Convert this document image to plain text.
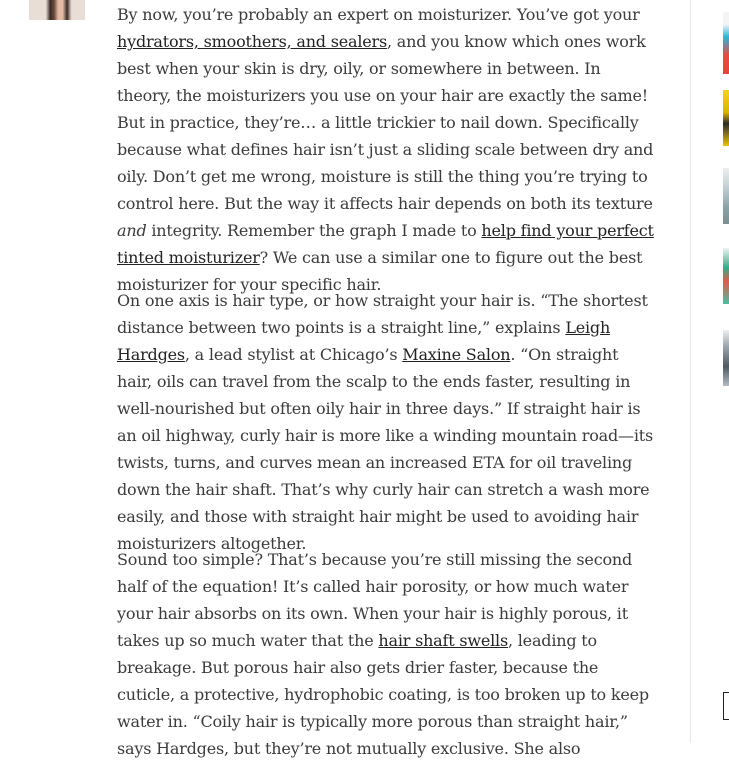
By now, you’re probably an expert on moisturizer. You’ve got your hydrators, smoothers, and sealers, and you know which ones work best when your skin is dry, oily, or somewhere in between. In theory, the moisturizers you use on your hair are exactly the same! But in practice, they’re… a little trickier to nail down. Specifically because what defines hair isn’t just a sliding scale between dry and oily. Don’t get me wrong, moisture is still the thing you’re trying to control here. But the way it affects hair depends on both its texture and integrity. Remember the graph I made to help find your perfect tinted moisturizer? We can use a similar one to figure out the best moisturizer for your specific hair.

On one axis is hair type, or how straight your hair is. “The shortest distance between two points is a straight line,” explains Leigh Hardges, a lead stylist at Chicago’s Maxine Salon. “On straight hair, oils can travel from the scalp to the ends faster, resulting in well-nourished but often oily hair in three days.” If straight hair is an oil highway, curly hair is more like a winding mountain road—its twists, turns, and curves mean an increased ETA for oil traveling down the hair shaft. That’s why curly hair can stretch a wash more easily, and those with straight hair might be used to avoiding hair moisturizers altogether.

Sound too simple? That’s because you’re still missing the second half of the equation! It’s called hair porosity, or how much water your hair absorbs on its own. When your hair is highly porous, it takes up so much water that the hair shaft swells, leading to breakage. But porous hair also gets drier faster, because the cuticle, a protective, hydrophobic coating, is too broken up to keep water in. “Coily hair is typically more porous than straight hair,” says Hardges, but they’re not mutually exclusive. She also
